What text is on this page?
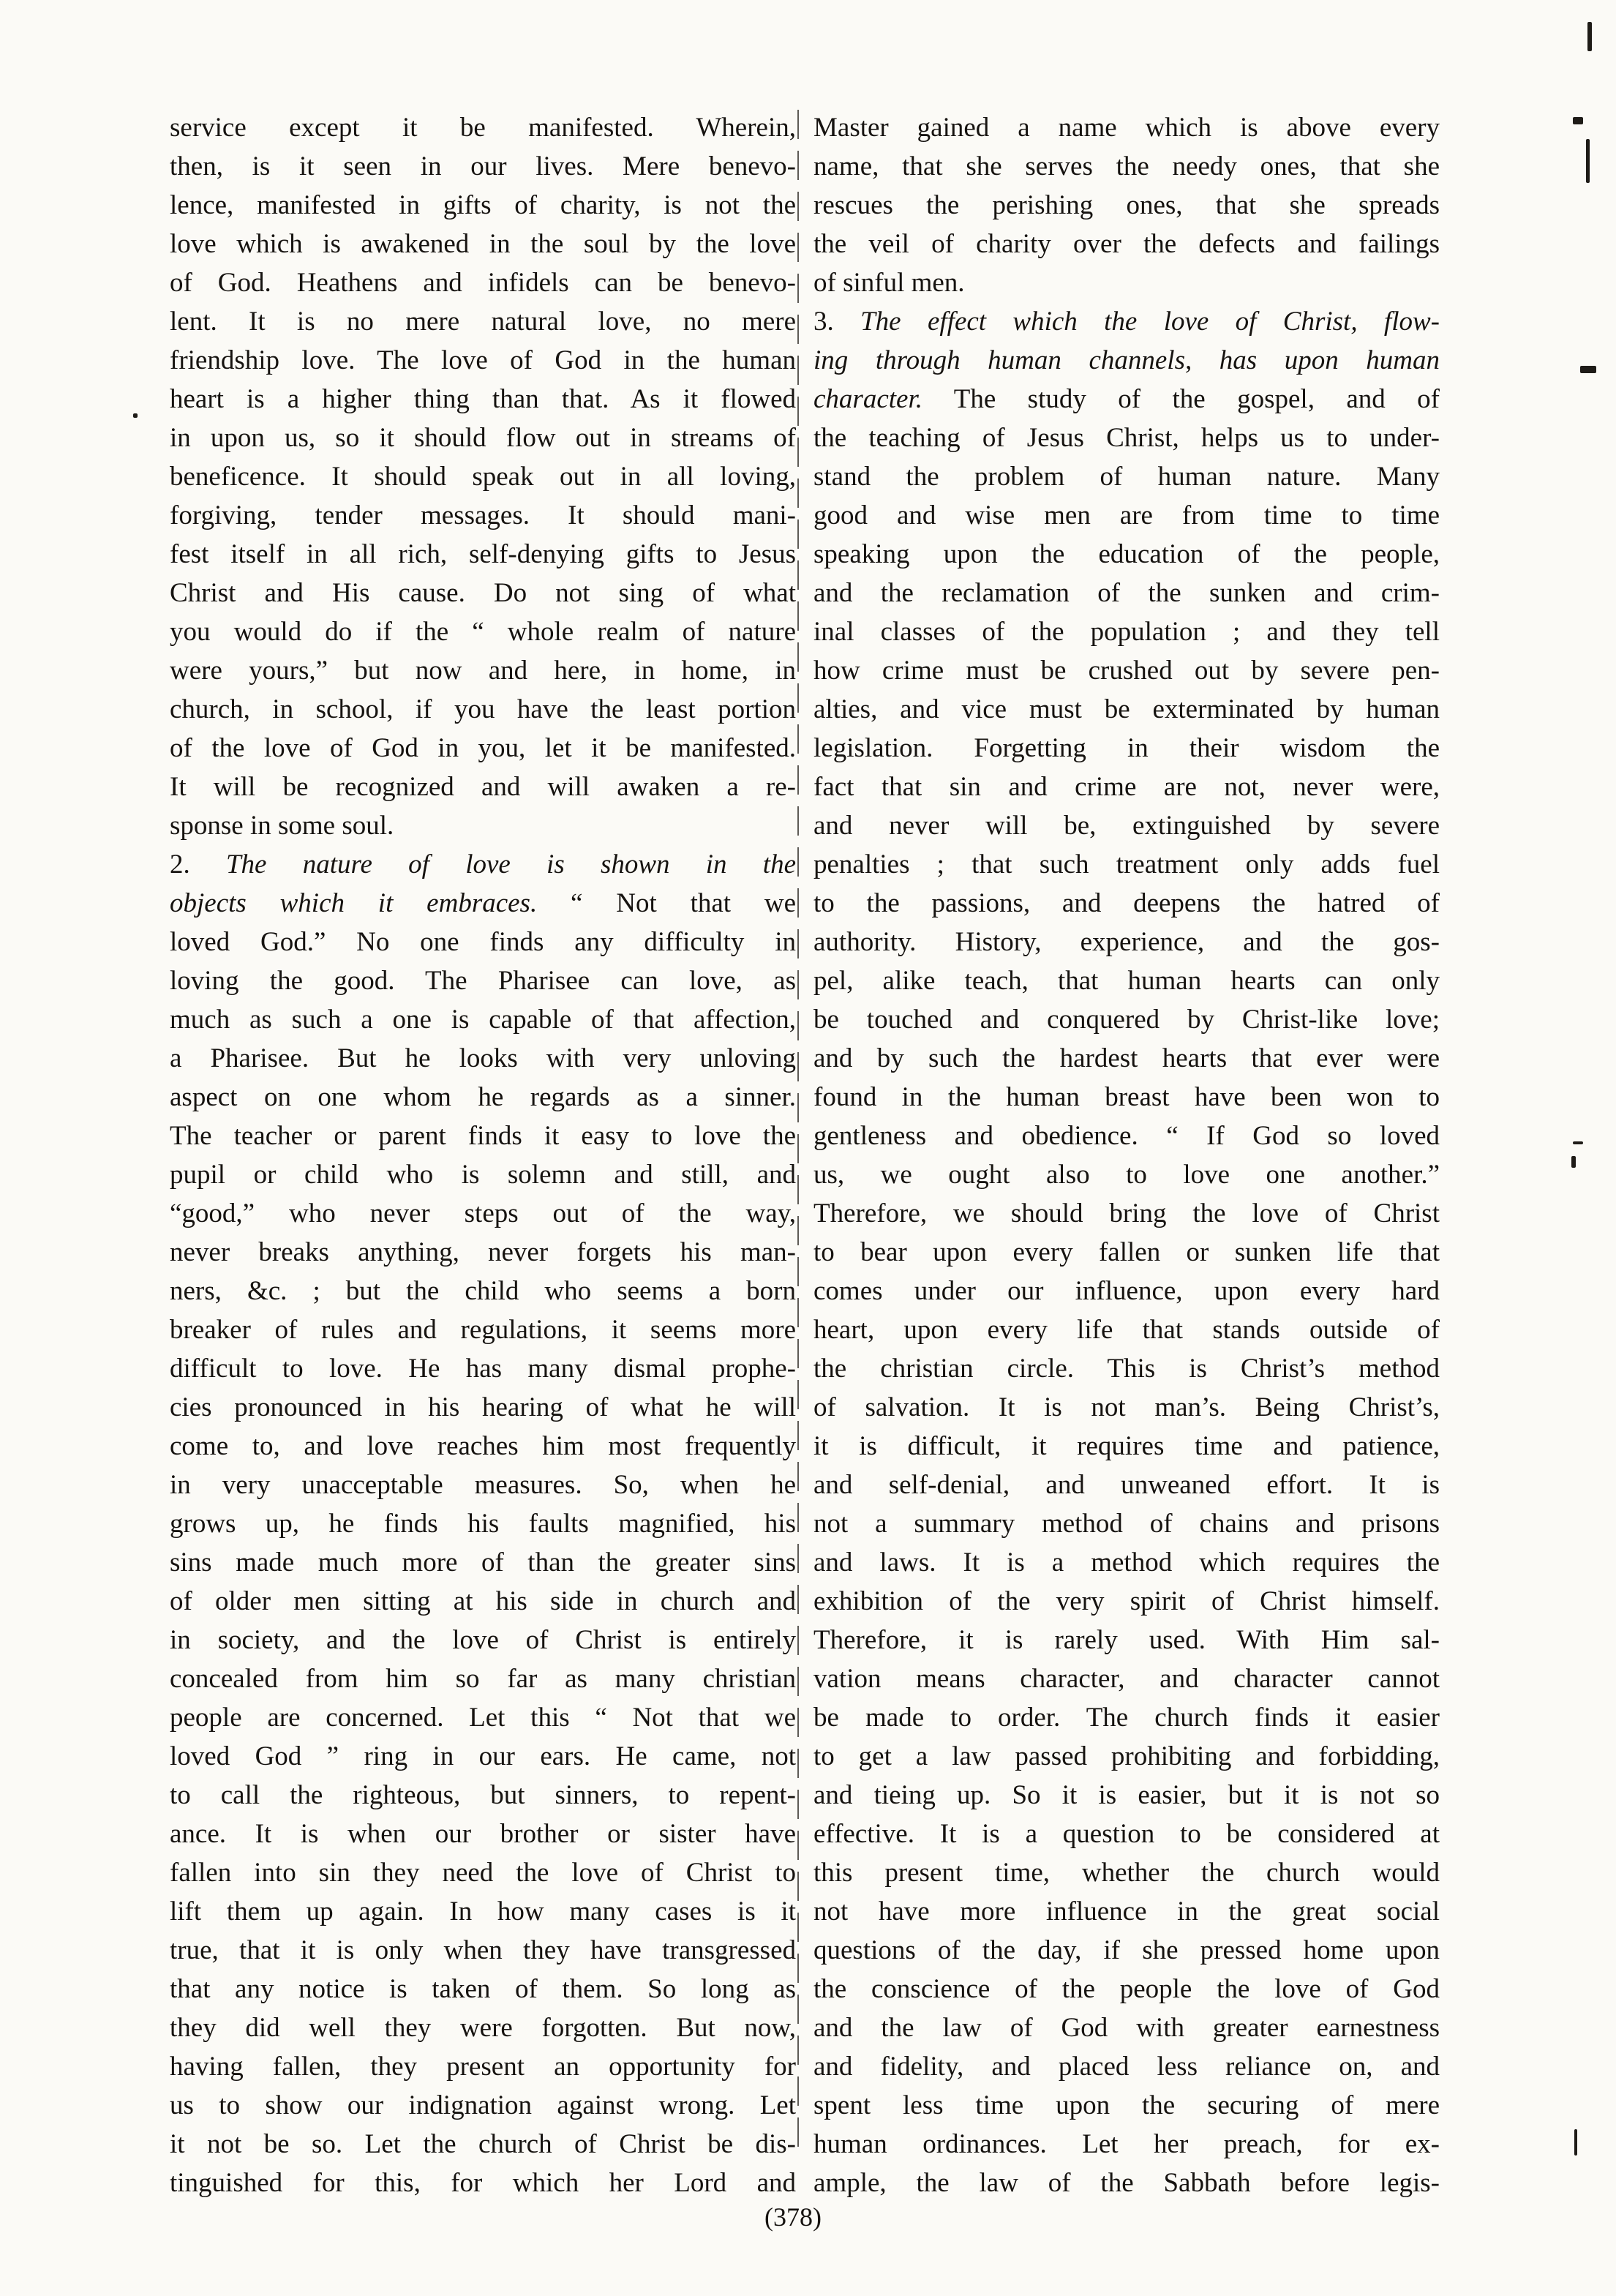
service except it be manifested. Wherein,
then, is it seen in our lives. Mere benevo-
lence, manifested in gifts of charity, is not the
love which is awakened in the soul by the love
of God. Heathens and infidels can be benevo-
lent. It is no mere natural love, no mere
friendship love. The love of God in the human
heart is a higher thing than that. As it flowed
in upon us, so it should flow out in streams of
beneficence. It should speak out in all loving,
forgiving, tender messages. It should mani-
fest itself in all rich, self-denying gifts to Jesus
Christ and His cause. Do not sing of what
you would do if the “ whole realm of nature
were yours,” but now and here, in home, in
church, in school, if you have the least portion
of the love of God in you, let it be manifested.
It will be recognized and will awaken a re-
sponse in some soul.
2. The nature of love is shown in the
objects which it embraces. “ Not that we
loved God.” No one finds any difficulty in
loving the good. The Pharisee can love, as
much as such a one is capable of that affection,
a Pharisee. But he looks with very unloving
aspect on one whom he regards as a sinner.
The teacher or parent finds it easy to love the
pupil or child who is solemn and still, and
“good,” who never steps out of the way,
never breaks anything, never forgets his man-
ners, &c. ; but the child who seems a born
breaker of rules and regulations, it seems more
difficult to love. He has many dismal prophe-
cies pronounced in his hearing of what he will
come to, and love reaches him most frequently
in very unacceptable measures. So, when he
grows up, he finds his faults magnified, his
sins made much more of than the greater sins
of older men sitting at his side in church and
in society, and the love of Christ is entirely
concealed from him so far as many christian
people are concerned. Let this “ Not that we
loved God ” ring in our ears. He came, not
to call the righteous, but sinners, to repent-
ance. It is when our brother or sister have
fallen into sin they need the love of Christ to
lift them up again. In how many cases is it
true, that it is only when they have transgressed
that any notice is taken of them. So long as
they did well they were forgotten. But now,
having fallen, they present an opportunity for
us to show our indignation against wrong. Let
it not be so. Let the church of Christ be dis-
tinguished for this, for which her Lord and
Master gained a name which is above every
name, that she serves the needy ones, that she
rescues the perishing ones, that she spreads
the veil of charity over the defects and failings
of sinful men.
3. The effect which the love of Christ, flow-
ing through human channels, has upon human
character. The study of the gospel, and of
the teaching of Jesus Christ, helps us to under-
stand the problem of human nature. Many
good and wise men are from time to time
speaking upon the education of the people,
and the reclamation of the sunken and crim-
inal classes of the population ; and they tell
how crime must be crushed out by severe pen-
alties, and vice must be exterminated by human
legislation. Forgetting in their wisdom the
fact that sin and crime are not, never were,
and never will be, extinguished by severe
penalties ; that such treatment only adds fuel
to the passions, and deepens the hatred of
authority. History, experience, and the gos-
pel, alike teach, that human hearts can only
be touched and conquered by Christ-like love;
and by such the hardest hearts that ever were
found in the human breast have been won to
gentleness and obedience. “ If God so loved
us, we ought also to love one another.”
Therefore, we should bring the love of Christ
to bear upon every fallen or sunken life that
comes under our influence, upon every hard
heart, upon every life that stands outside of
the christian circle. This is Christ’s method
of salvation. It is not man’s. Being Christ’s,
it is difficult, it requires time and patience,
and self-denial, and unweaned effort. It is
not a summary method of chains and prisons
and laws. It is a method which requires the
exhibition of the very spirit of Christ himself.
Therefore, it is rarely used. With Him sal-
vation means character, and character cannot
be made to order. The church finds it easier
to get a law passed prohibiting and forbidding,
and tieing up. So it is easier, but it is not so
effective. It is a question to be considered at
this present time, whether the church would
not have more influence in the great social
questions of the day, if she pressed home upon
the conscience of the people the love of God
and the law of God with greater earnestness
and fidelity, and placed less reliance on, and
spent less time upon the securing of mere
human ordinances. Let her preach, for ex-
ample, the law of the Sabbath before legis-
(378)
